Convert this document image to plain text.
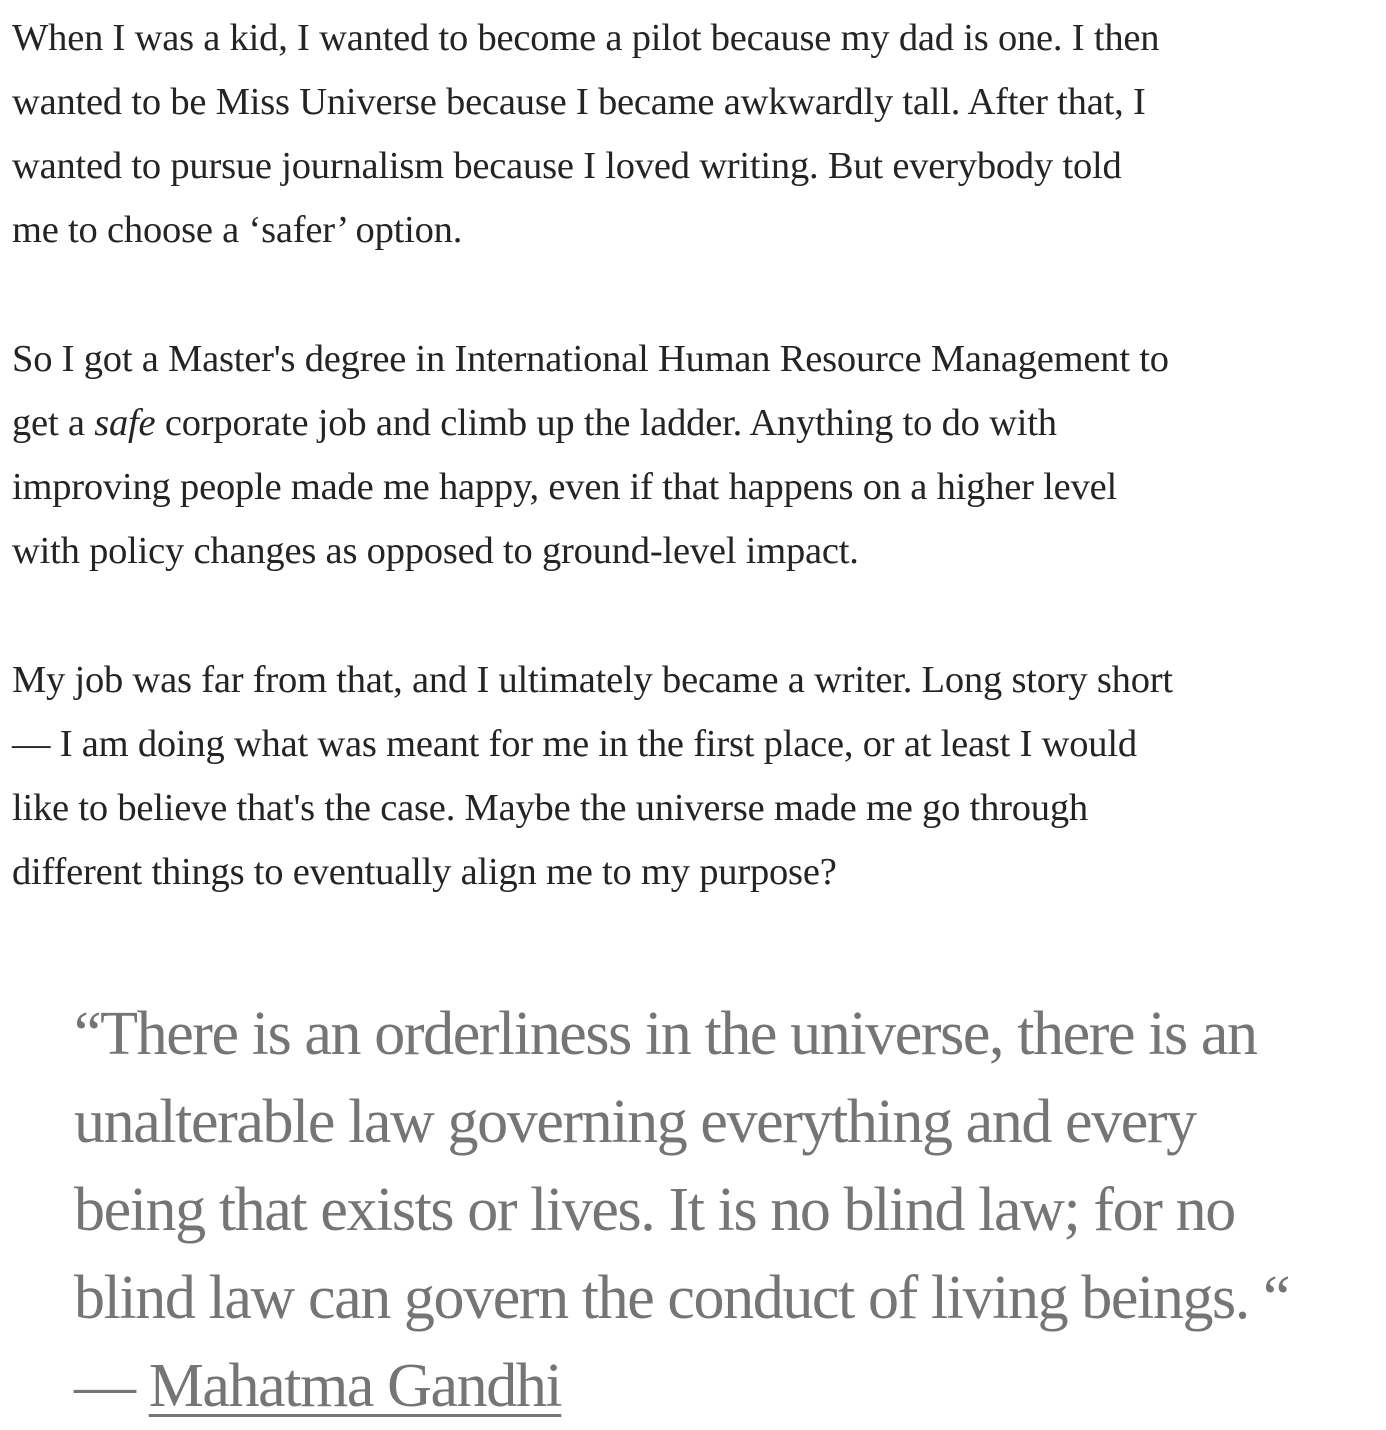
When I was a kid, I wanted to become a pilot because my dad is one. I then
wanted to be Miss Universe because I became awkwardly tall. After that, I
wanted to pursue journalism because I loved writing. But everybody told
me to choose a ‘safer’ option.

So I got a Master's degree in International Human Resource Management to
get a safe corporate job and climb up the ladder. Anything to do with
improving people made me happy, even if that happens on a higher level
with policy changes as opposed to ground-level impact.

My job was far from that, and I ultimately became a writer. Long story short
— I am doing what was meant for me in the first place, or at least I would
like to believe that's the case. Maybe the universe made me go through
different things to eventually align me to my purpose?

“There is an orderliness in the universe, there is an
unalterable law governing everything and every
being that exists or lives. It is no blind law; for no
blind law can govern the conduct of living beings. “
— Mahatma Gandhi
